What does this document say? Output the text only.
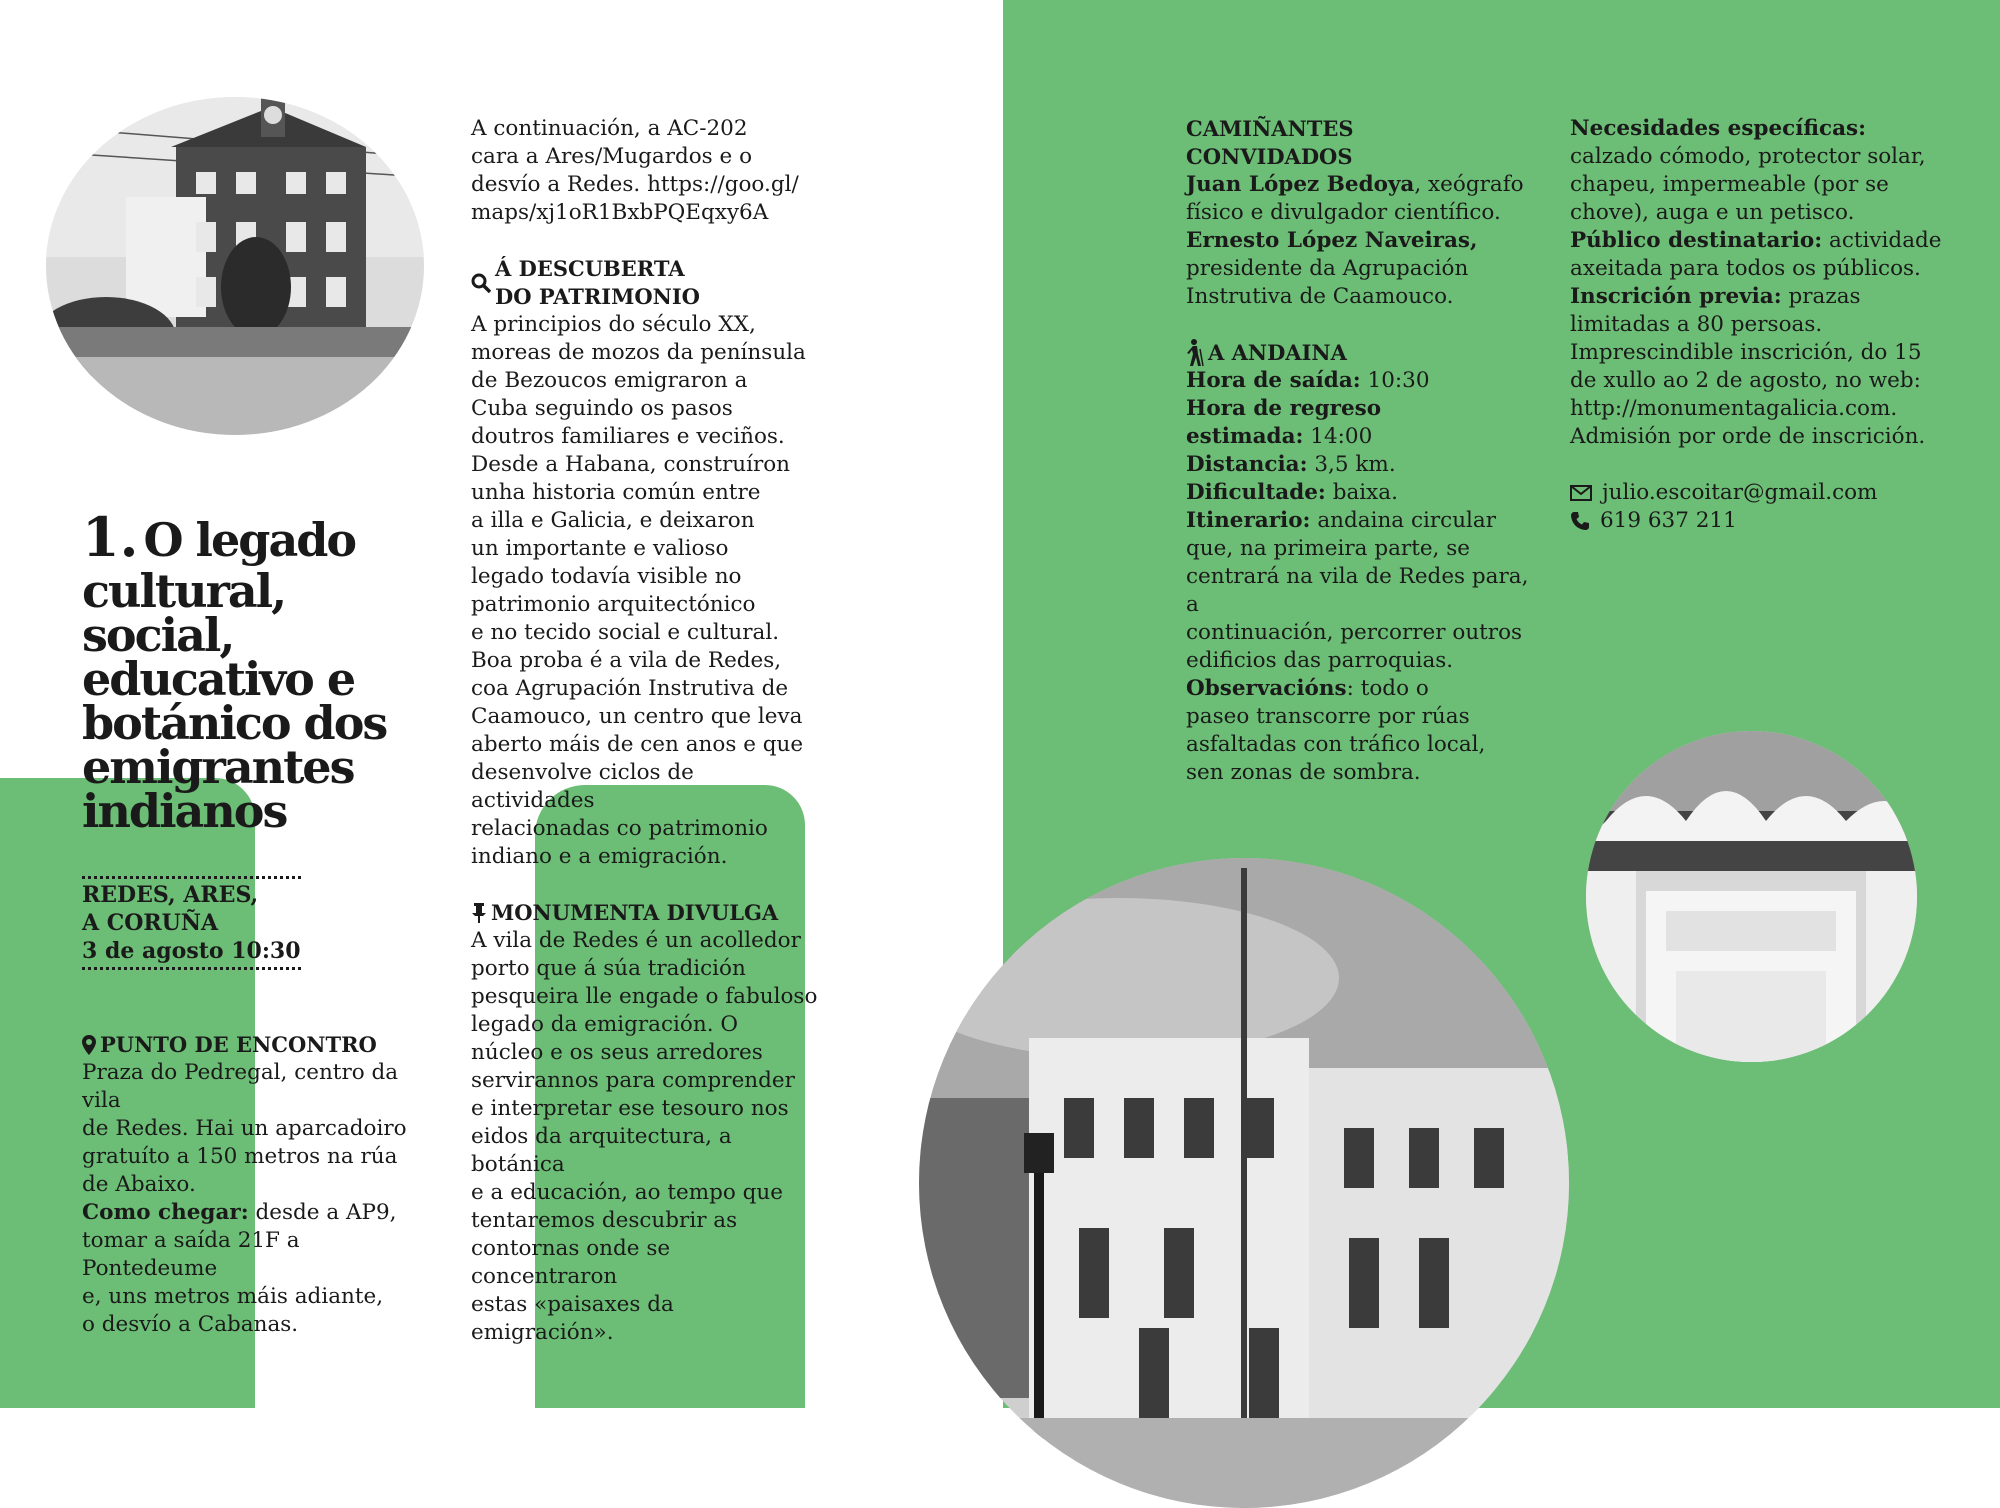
1. O legado
cultural,
social,
educativo e
botánico dos
emigrantes
indianos
REDES, ARES,
A CORUÑA
3 de agosto 10:30
PUNTO DE ENCONTRO
Praza do Pedregal, centro da vila
de Redes. Hai un aparcadoiro
gratuíto a 150 metros na rúa
de Abaixo.
Como chegar: desde a AP9,
tomar a saída 21F a Pontedeume
e, uns metros máis adiante,
o desvío a Cabanas.
A continuación, a AC-202
cara a Ares/Mugardos e o
desvío a Redes. https://goo.gl/
maps/xj1oR1BxbPQEqxy6A
Á DESCUBERTA
DO PATRIMONIO
A principios do século XX,
moreas de mozos da península
de Bezoucos emigraron a
Cuba seguindo os pasos
doutros familiares e veciños.
Desde a Habana, construíron
unha historia común entre
a illa e Galicia, e deixaron
un importante e valioso
legado todavía visible no
patrimonio arquitectónico
e no tecido social e cultural.
Boa proba é a vila de Redes,
coa Agrupación Instrutiva de
Caamouco, un centro que leva
aberto máis de cen anos e que
desenvolve ciclos de actividades
relacionadas co patrimonio
indiano e a emigración.
MONUMENTA DIVULGA
A vila de Redes é un acolledor
porto que á súa tradición
pesqueira lle engade o fabuloso
legado da emigración. O
núcleo e os seus arredores
servirannos para comprender
e interpretar ese tesouro nos
eidos da arquitectura, a botánica
e a educación, ao tempo que
tentaremos descubrir as
contornas onde se concentraron
estas «paisaxes da emigración».
CAMIÑANTES
CONVIDADOS
Juan López Bedoya, xeógrafo
físico e divulgador científico.
Ernesto López Naveiras,
presidente da Agrupación
Instrutiva de Caamouco.
A ANDAINA
Hora de saída: 10:30
Hora de regreso
estimada: 14:00
Distancia: 3,5 km.
Dificultade: baixa.
Itinerario: andaina circular
que, na primeira parte, se
centrará na vila de Redes para, a
continuación, percorrer outros
edificios das parroquias.
Observacións: todo o
paseo transcorre por rúas
asfaltadas con tráfico local,
sen zonas de sombra.
Necesidades específicas:
calzado cómodo, protector solar,
chapeu, impermeable (por se
chove), auga e un petisco.
Público destinatario: actividade
axeitada para todos os públicos.
Inscrición previa: prazas
limitadas a 80 persoas.
Imprescindible inscrición, do 15
de xullo ao 2 de agosto, no web:
http://monumentagalicia.com.
Admisión por orde de inscrición.
julio.escoitar@gmail.com
619 637 211
